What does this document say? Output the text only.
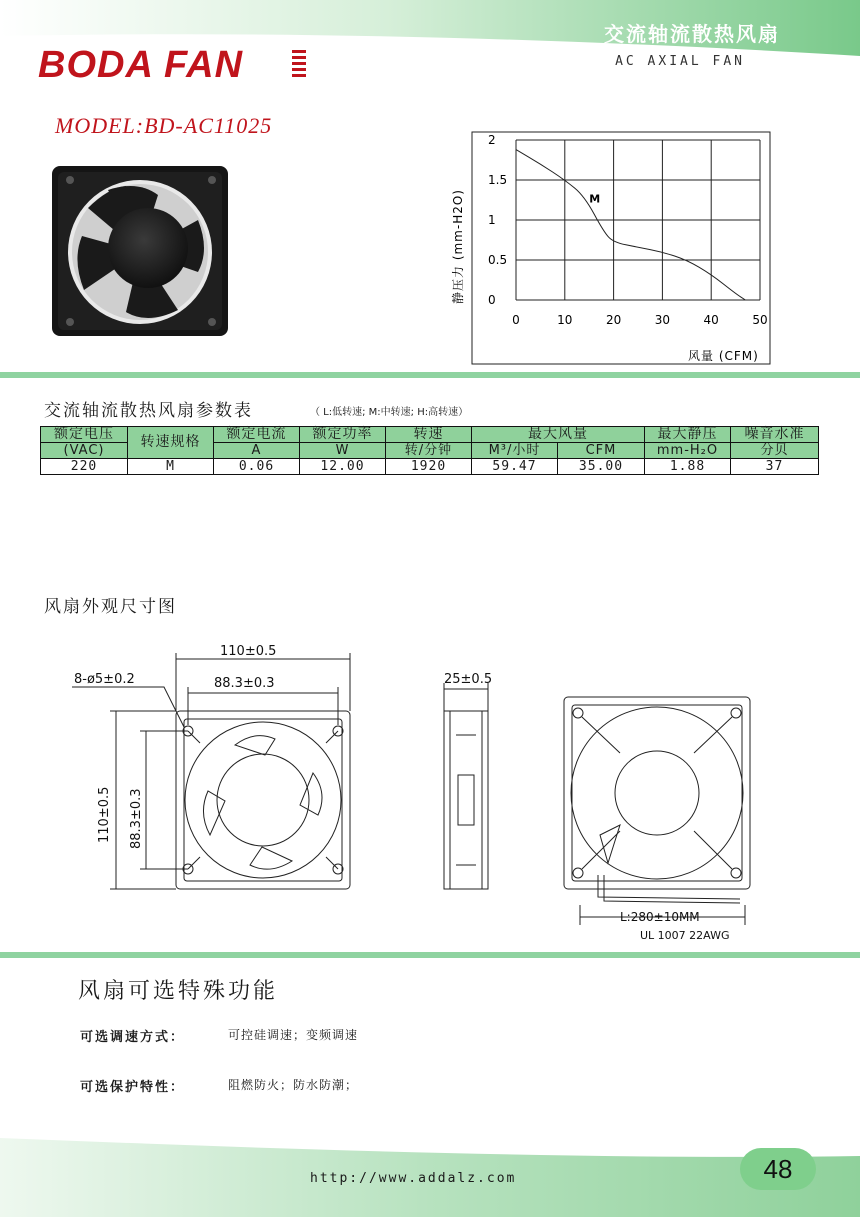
交流轴流散热风扇
AC AXIAL FAN
BODA FAN
MODEL:BD-AC11025
0	10	20	30	40	50
0
0.5
1
1.5
2
M
静压力 (mm-H2O)
风量 (CFM)
交流轴流散热风扇参数表	（ L:低转速; M:中转速; H:高转速）
额定电压	转速规格	额定电流	额定功率	转速	最大风量		最大静压	噪音水准
(VAC)		A	W	转/分钟	M³/小时	CFM	mm-H₂O	分贝
220	M	0.06	12.00	1920	59.47	35.00	1.88	37
风扇外观尺寸图
110±0.5
88.3±0.3
8-ø5±0.2
110±0.5 88.3±0.3
25±0.5
L:280±10MM
UL 1007 22AWG
风扇可选特殊功能
可选调速方式：	可控硅调速；变频调速
可选保护特性：	阻燃防火；防水防潮；
http://www.addalz.com	48
